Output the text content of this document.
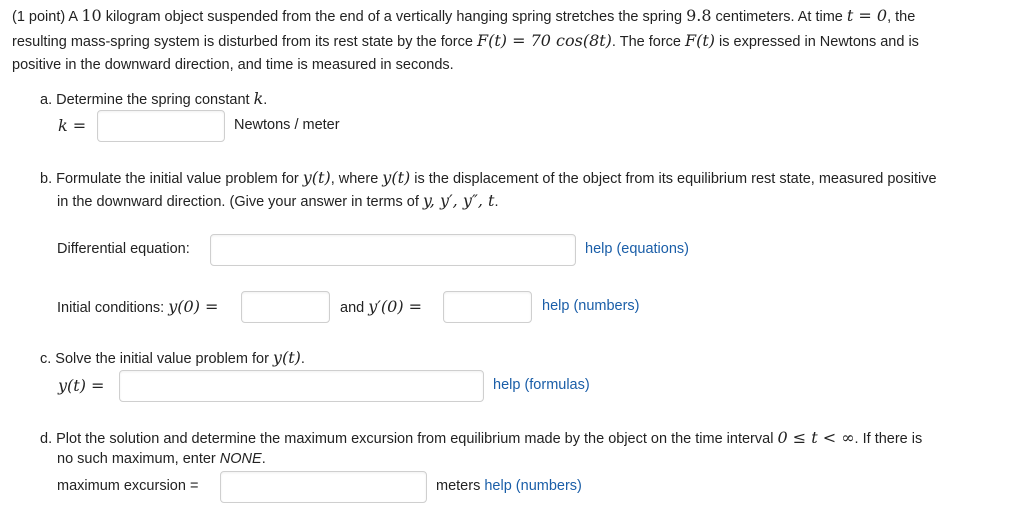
(1 point) A 10 kilogram object suspended from the end of a vertically hanging spring stretches the spring 9.8 centimeters. At time t = 0, the
resulting mass-spring system is disturbed from its rest state by the force F(t) = 70 cos(8t). The force F(t) is expressed in Newtons and is
positive in the downward direction, and time is measured in seconds.
a. Determine the spring constant k.
k =	Newtons / meter
b. Formulate the initial value problem for y(t), where y(t) is the displacement of the object from its equilibrium rest state, measured positive
in the downward direction. (Give your answer in terms of y, y′, y″, t.
Differential equation:	help (equations)
Initial conditions: y(0) =	and y′(0) =	help (numbers)
c. Solve the initial value problem for y(t).
y(t) =	help (formulas)
d. Plot the solution and determine the maximum excursion from equilibrium made by the object on the time interval 0 ≤ t < ∞. If there is
no such maximum, enter NONE.
maximum excursion =	meters help (numbers)
